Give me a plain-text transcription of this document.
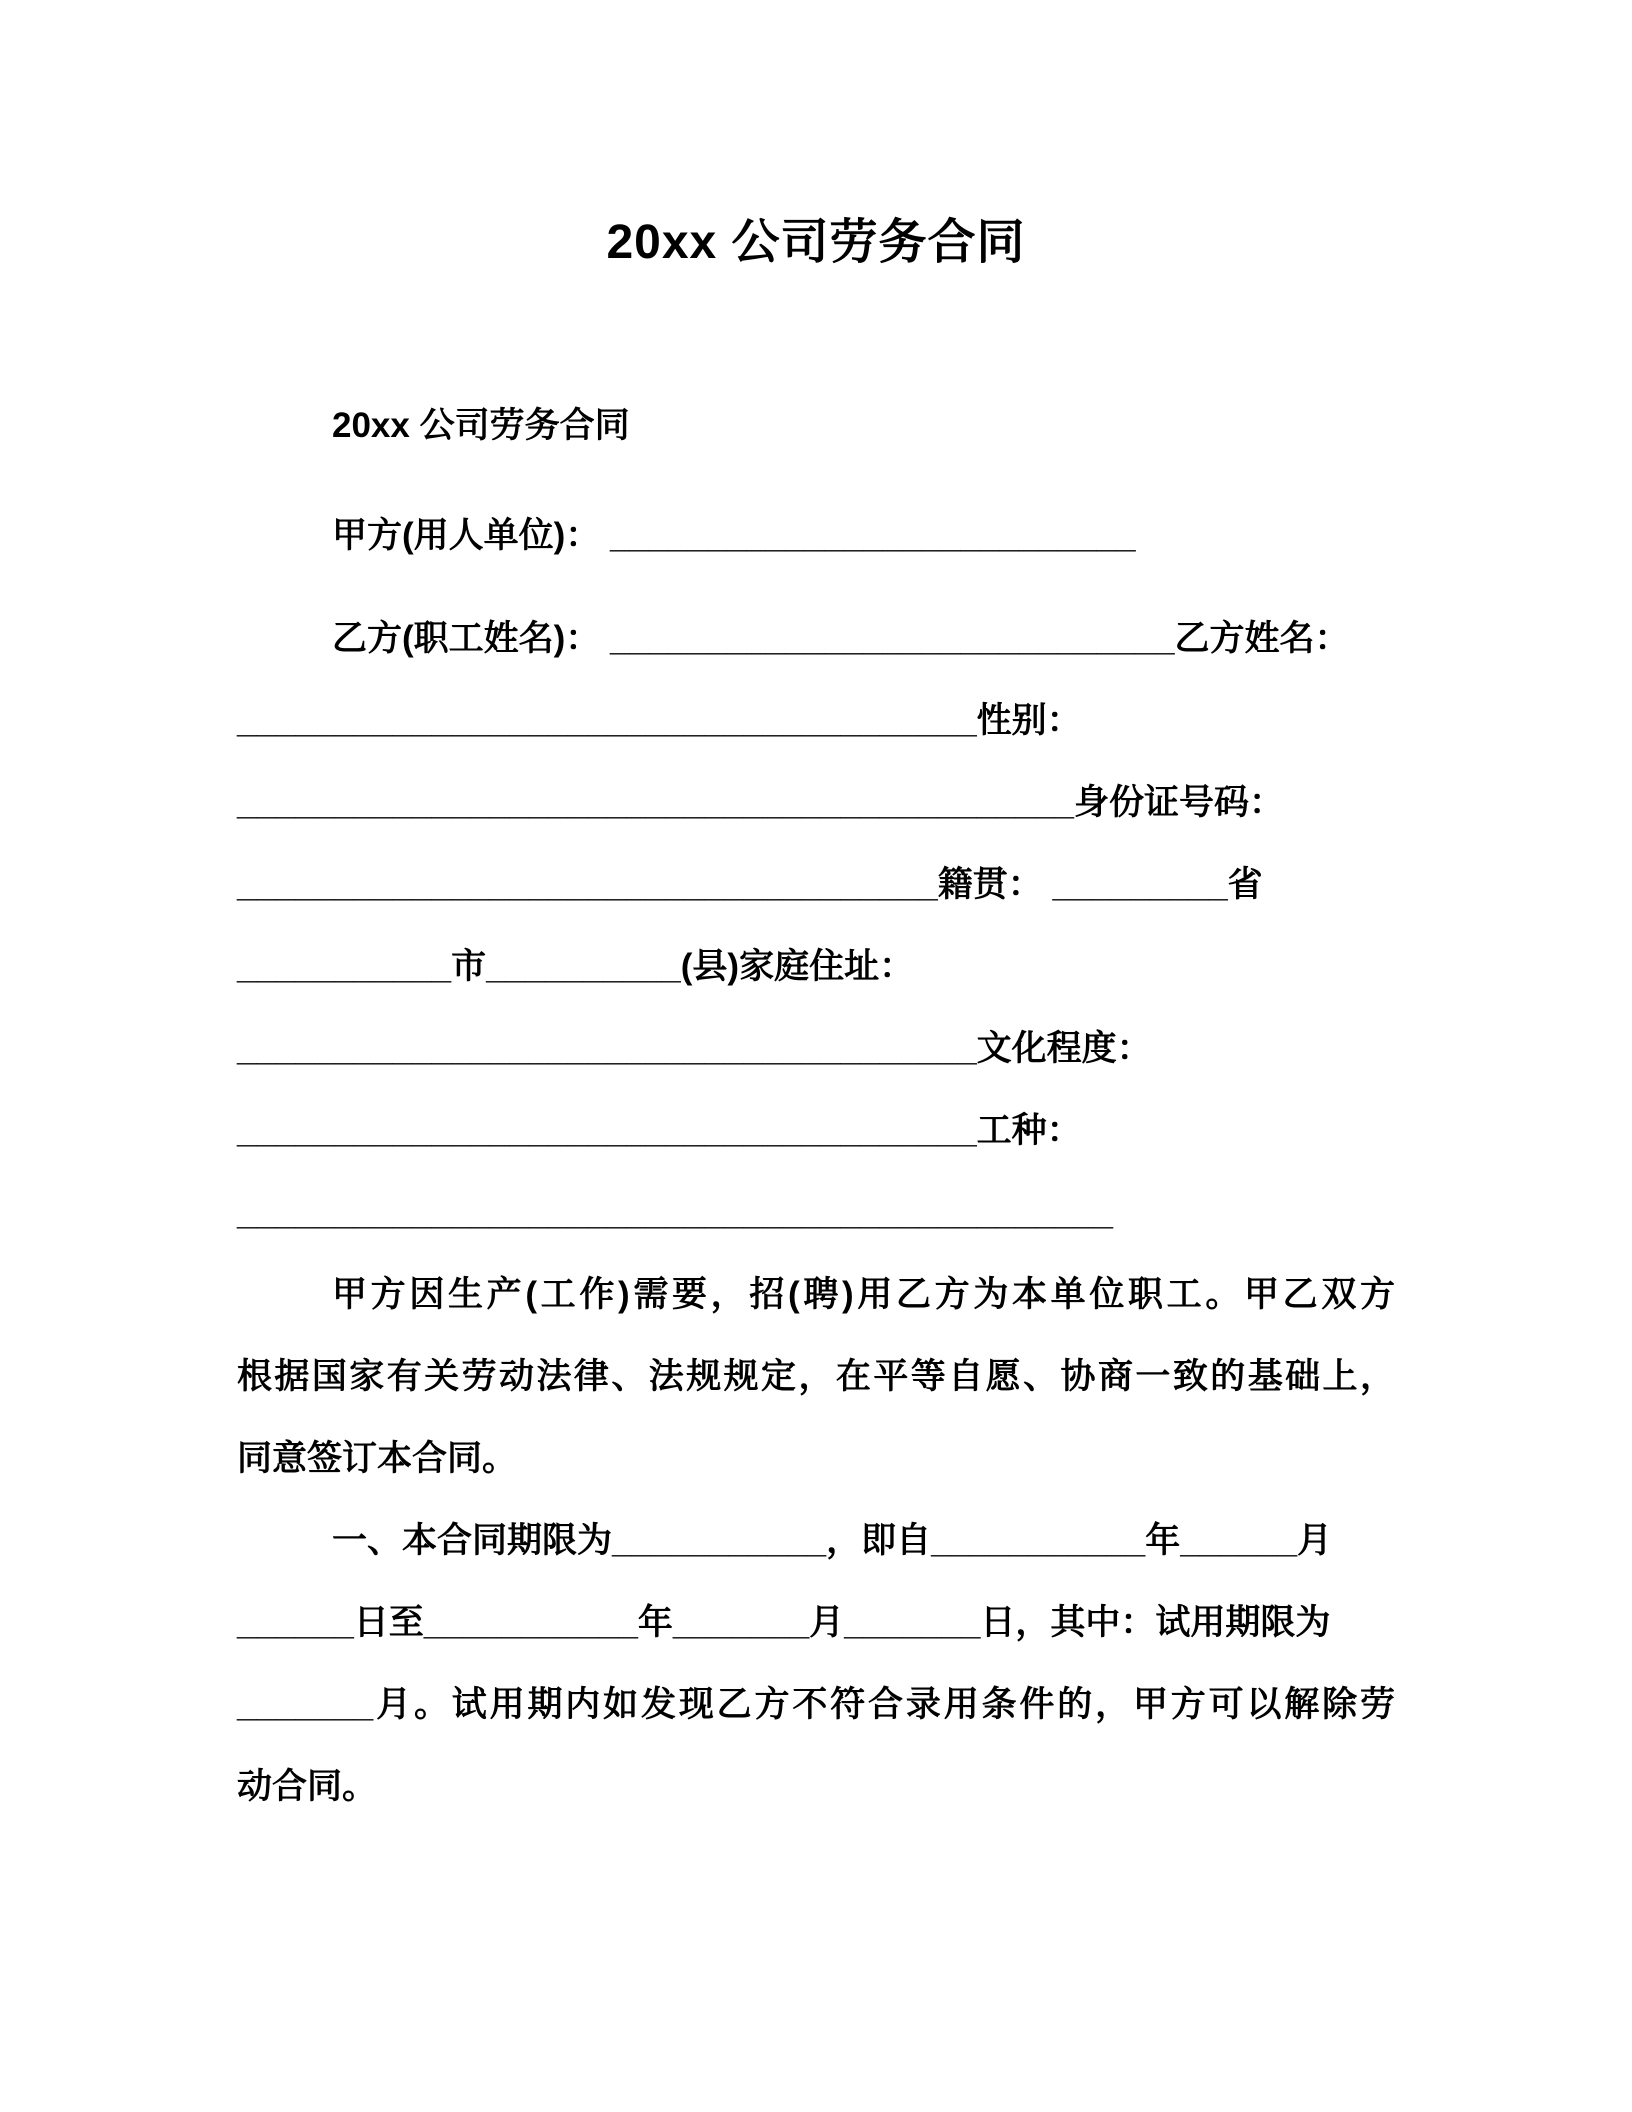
20xx 公司劳务合同
20xx 公司劳务合同
甲方(用人单位)： ___________________________
乙方(职工姓名)： _____________________________乙方姓名：
______________________________________性别：
___________________________________________身份证号码：
____________________________________籍贯： _________省
___________市__________(县)家庭住址：
______________________________________文化程度：
______________________________________工种：
_____________________________________________
甲方因生产(工作)需要，招(聘)用乙方为本单位职工。甲乙双方
根据国家有关劳动法律、法规规定，在平等自愿、协商一致的基础上，
同意签订本合同。
一、本合同期限为___________，即自___________年______月
______日至___________年_______月_______日，其中：试用期限为
_______月。试用期内如发现乙方不符合录用条件的，甲方可以解除劳
动合同。
